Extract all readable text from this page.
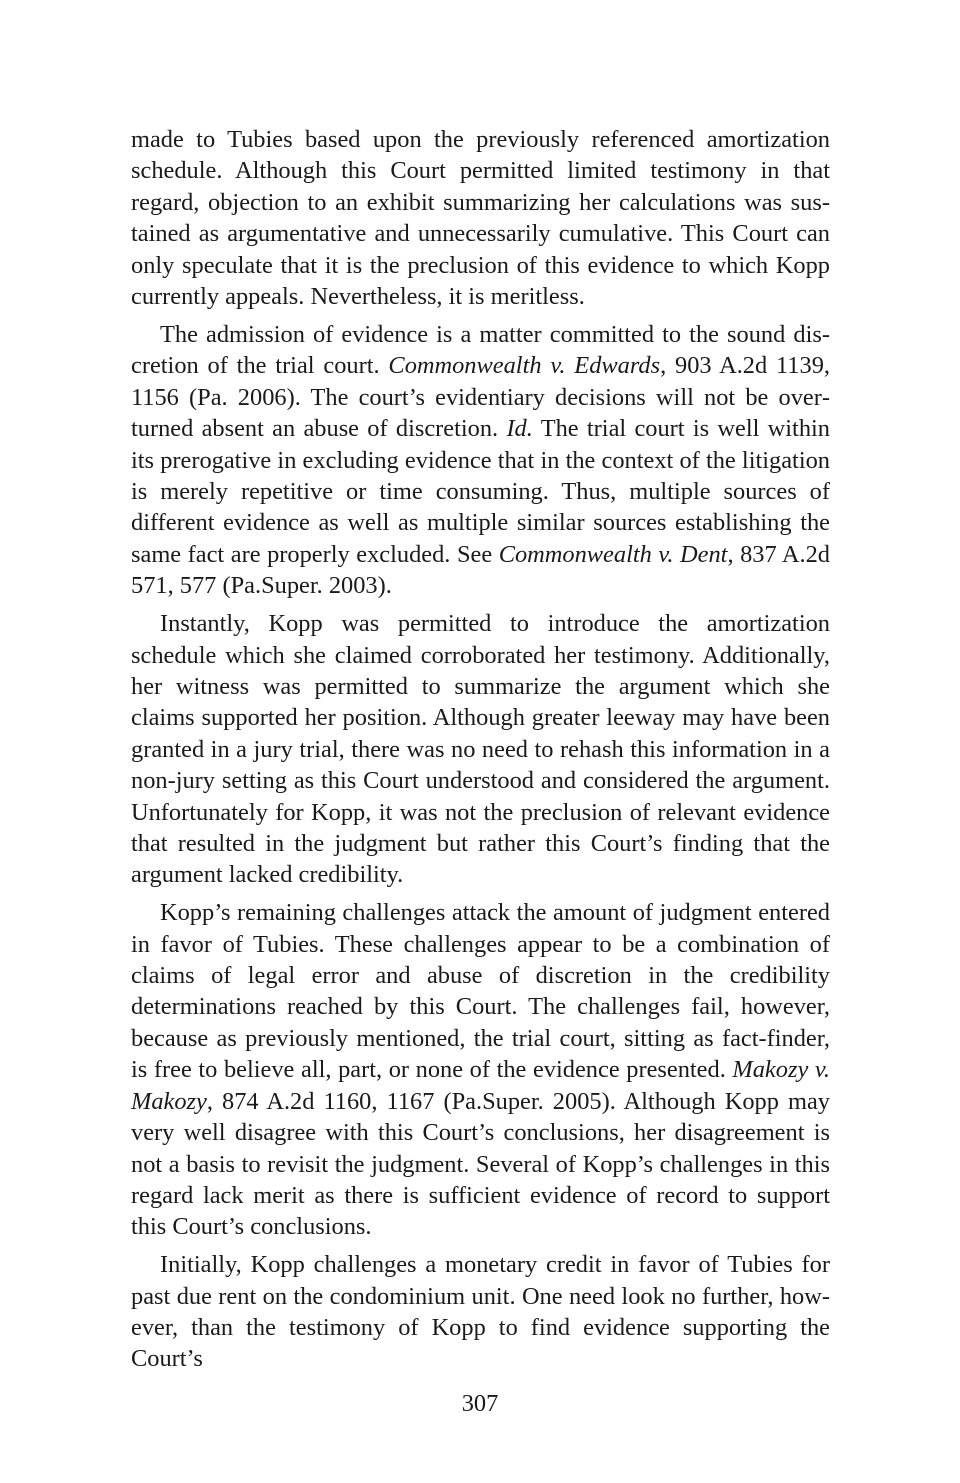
made to Tubies based upon the previously referenced amortization schedule. Although this Court permitted limited testimony in that regard, objection to an exhibit summarizing her calculations was sustained as argumentative and unnecessarily cumulative. This Court can only speculate that it is the preclusion of this evidence to which Kopp currently appeals. Nevertheless, it is meritless.

The admission of evidence is a matter committed to the sound discretion of the trial court. Commonwealth v. Edwards, 903 A.2d 1139, 1156 (Pa. 2006). The court’s evidentiary decisions will not be overturned absent an abuse of discretion. Id. The trial court is well within its prerogative in excluding evidence that in the context of the litigation is merely repetitive or time consuming. Thus, multiple sources of different evidence as well as multiple similar sources establishing the same fact are properly excluded. See Commonwealth v. Dent, 837 A.2d 571, 577 (Pa.Super. 2003).

Instantly, Kopp was permitted to introduce the amortization schedule which she claimed corroborated her testimony. Additionally, her witness was permitted to summarize the argument which she claims supported her position. Although greater leeway may have been granted in a jury trial, there was no need to rehash this information in a non-jury setting as this Court understood and considered the argument. Unfortunately for Kopp, it was not the preclusion of relevant evidence that resulted in the judgment but rather this Court’s finding that the argument lacked credibility.

Kopp’s remaining challenges attack the amount of judgment entered in favor of Tubies. These challenges appear to be a combination of claims of legal error and abuse of discretion in the credibility determinations reached by this Court. The challenges fail, however, because as previously mentioned, the trial court, sitting as fact-finder, is free to believe all, part, or none of the evidence presented. Makozy v. Makozy, 874 A.2d 1160, 1167 (Pa.Super. 2005). Although Kopp may very well disagree with this Court’s conclusions, her disagreement is not a basis to revisit the judgment. Several of Kopp’s challenges in this regard lack merit as there is sufficient evidence of record to support this Court’s conclusions.

Initially, Kopp challenges a monetary credit in favor of Tubies for past due rent on the condominium unit. One need look no further, however, than the testimony of Kopp to find evidence supporting the Court’s

307
